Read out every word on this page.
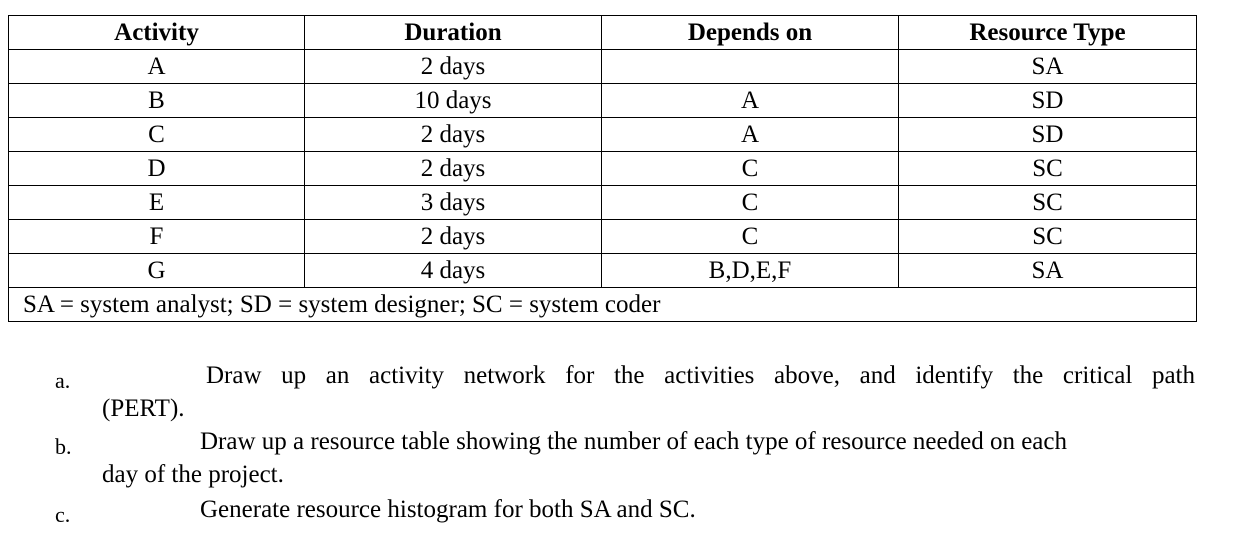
Activity	Duration	Depends on	Resource Type
A	2 days		SA
B	10 days	A	SD
C	2 days	A	SD
D	2 days	C	SC
E	3 days	C	SC
F	2 days	C	SC
G	4 days	B,D,E,F	SA
SA = system analyst; SD = system designer; SC = system coder			
a.	Draw up an activity network for the activities above, and identify the critical path
(PERT).
b.	Draw up a resource table showing the number of each type of resource needed on each
day of the project.
c.	Generate resource histogram for both SA and SC.
